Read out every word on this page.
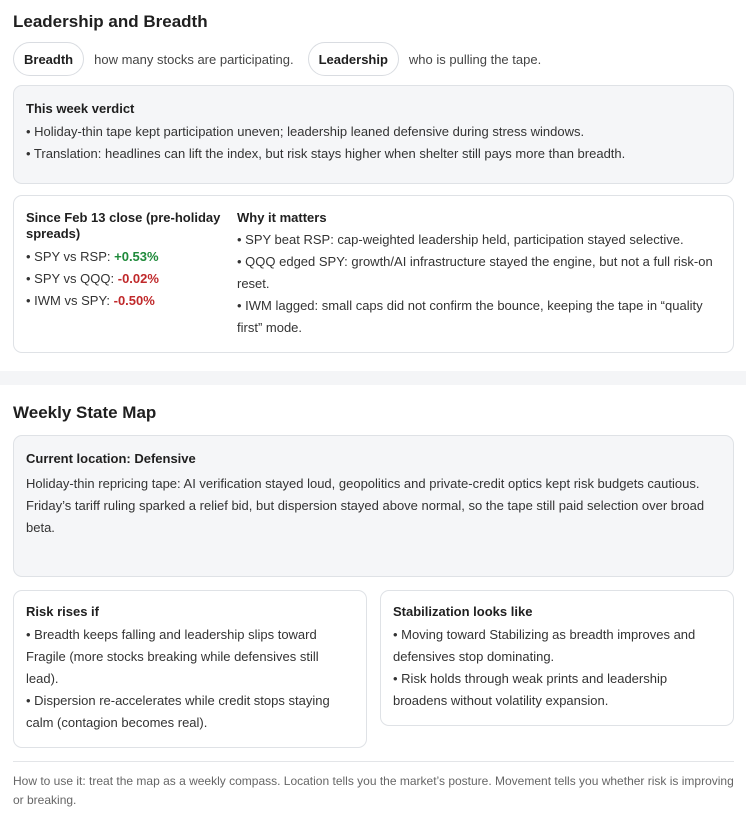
Leadership and Breadth
Breadth	how many stocks are participating.	Leadership	who is pulling the tape.
This week verdict
• Holiday-thin tape kept participation uneven; leadership leaned defensive during stress windows.
• Translation: headlines can lift the index, but risk stays higher when shelter still pays more than breadth.
Since Feb 13 close (pre-holiday spreads)
• SPY vs RSP: +0.53%
• SPY vs QQQ: -0.02%
• IWM vs SPY: -0.50%
Why it matters
• SPY beat RSP: cap-weighted leadership held, participation stayed selective.
• QQQ edged SPY: growth/AI infrastructure stayed the engine, but not a full risk-on reset.
• IWM lagged: small caps did not confirm the bounce, keeping the tape in “quality first” mode.
Weekly State Map
Current location: Defensive
Holiday-thin repricing tape: AI verification stayed loud, geopolitics and private-credit optics kept risk budgets cautious.
Friday’s tariff ruling sparked a relief bid, but dispersion stayed above normal, so the tape still paid selection over broad beta.
Risk rises if
• Breadth keeps falling and leadership slips toward Fragile (more stocks breaking while defensives still lead).
• Dispersion re-accelerates while credit stops staying calm (contagion becomes real).
Stabilization looks like
• Moving toward Stabilizing as breadth improves and defensives stop dominating.
• Risk holds through weak prints and leadership broadens without volatility expansion.
How to use it: treat the map as a weekly compass. Location tells you the market’s posture. Movement tells you whether risk is improving or breaking.
